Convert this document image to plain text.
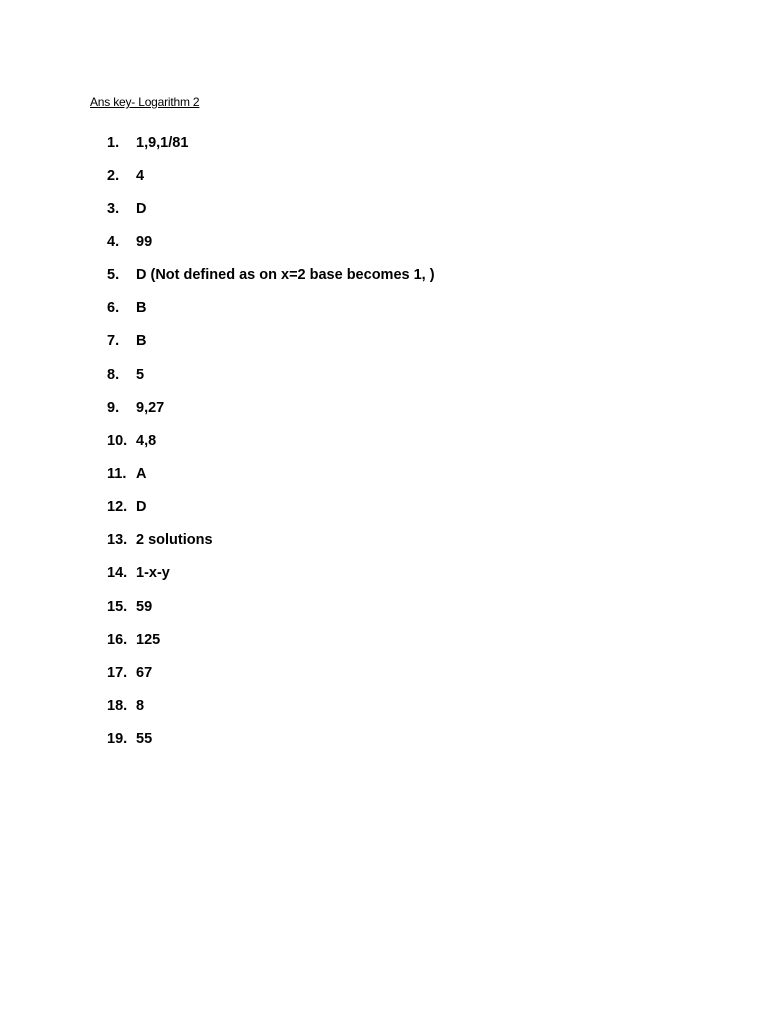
Ans key- Logarithm 2
1.	1,9,1/81
2.	4
3.	D
4.	99
5.	D (Not defined as on x=2 base becomes 1, )
6.	B
7.	B
8.	5
9.	9,27
10. 4,8
11. A
12. D
13. 2 solutions
14. 1-x-y
15. 59
16. 125
17. 67
18. 8
19. 55
